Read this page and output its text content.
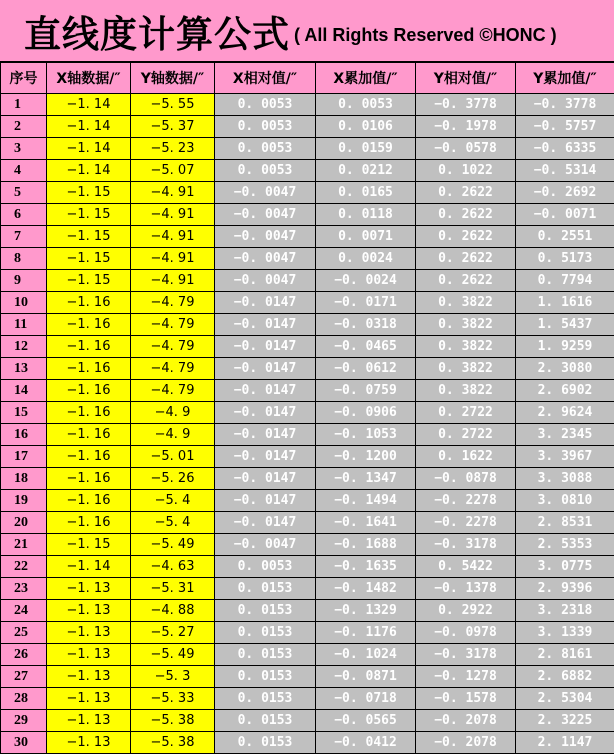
直线度计算公式 ( All Rights Reserved ©HONC )
序号	X轴数据/″	Y轴数据/″	X相对值/″	X累加值/″	Y相对值/″	Y累加值/″
1	−1. 14	−5. 55	0. 0053	0. 0053	−0. 3778	−0. 3778
2	−1. 14	−5. 37	0. 0053	0. 0106	−0. 1978	−0. 5757
3	−1. 14	−5. 23	0. 0053	0. 0159	−0. 0578	−0. 6335
4	−1. 14	−5. 07	0. 0053	0. 0212	0. 1022	−0. 5314
5	−1. 15	−4. 91	−0. 0047	0. 0165	0. 2622	−0. 2692
6	−1. 15	−4. 91	−0. 0047	0. 0118	0. 2622	−0. 0071
7	−1. 15	−4. 91	−0. 0047	0. 0071	0. 2622	0. 2551
8	−1. 15	−4. 91	−0. 0047	0. 0024	0. 2622	0. 5173
9	−1. 15	−4. 91	−0. 0047	−0. 0024	0. 2622	0. 7794
10	−1. 16	−4. 79	−0. 0147	−0. 0171	0. 3822	1. 1616
11	−1. 16	−4. 79	−0. 0147	−0. 0318	0. 3822	1. 5437
12	−1. 16	−4. 79	−0. 0147	−0. 0465	0. 3822	1. 9259
13	−1. 16	−4. 79	−0. 0147	−0. 0612	0. 3822	2. 3080
14	−1. 16	−4. 79	−0. 0147	−0. 0759	0. 3822	2. 6902
15	−1. 16	−4. 9	−0. 0147	−0. 0906	0. 2722	2. 9624
16	−1. 16	−4. 9	−0. 0147	−0. 1053	0. 2722	3. 2345
17	−1. 16	−5. 01	−0. 0147	−0. 1200	0. 1622	3. 3967
18	−1. 16	−5. 26	−0. 0147	−0. 1347	−0. 0878	3. 3088
19	−1. 16	−5. 4	−0. 0147	−0. 1494	−0. 2278	3. 0810
20	−1. 16	−5. 4	−0. 0147	−0. 1641	−0. 2278	2. 8531
21	−1. 15	−5. 49	−0. 0047	−0. 1688	−0. 3178	2. 5353
22	−1. 14	−4. 63	0. 0053	−0. 1635	0. 5422	3. 0775
23	−1. 13	−5. 31	0. 0153	−0. 1482	−0. 1378	2. 9396
24	−1. 13	−4. 88	0. 0153	−0. 1329	0. 2922	3. 2318
25	−1. 13	−5. 27	0. 0153	−0. 1176	−0. 0978	3. 1339
26	−1. 13	−5. 49	0. 0153	−0. 1024	−0. 3178	2. 8161
27	−1. 13	−5. 3	0. 0153	−0. 0871	−0. 1278	2. 6882
28	−1. 13	−5. 33	0. 0153	−0. 0718	−0. 1578	2. 5304
29	−1. 13	−5. 38	0. 0153	−0. 0565	−0. 2078	2. 3225
30	−1. 13	−5. 38	0. 0153	−0. 0412	−0. 2078	2. 1147
